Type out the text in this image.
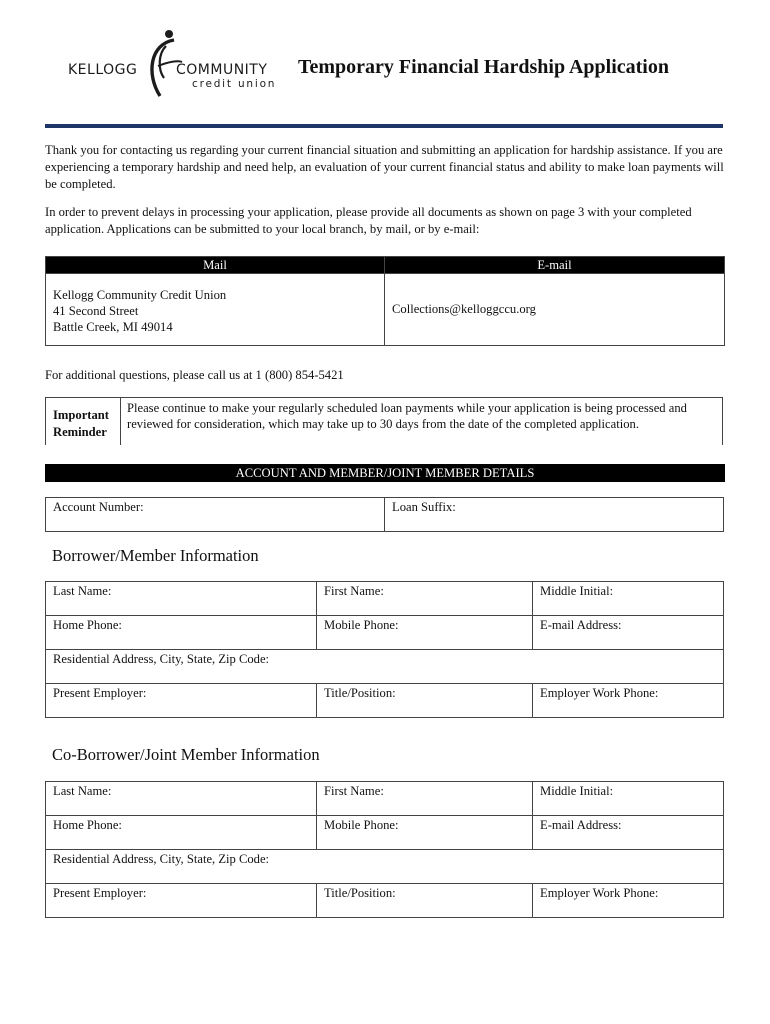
KELLOGG	COMMUNITY
credit union
Temporary Financial Hardship Application
Thank you for contacting us regarding your current financial situation and submitting an application for hardship assistance. If you are experiencing a temporary hardship and need help, an evaluation of your current financial status and ability to make loan payments will be completed.
In order to prevent delays in processing your application, please provide all documents as shown on page 3 with your completed application. Applications can be submitted to your local branch, by mail, or by e-mail:
Mail	E-mail

Kellogg Community Credit Union
41 Second Street
Battle Creek, MI 49014	Collections@kelloggccu.org
For additional questions, please call us at 1 (800) 854-5421
Important
Reminder
Please continue to make your regularly scheduled loan payments while your application is being processed and reviewed for consideration, which may take up to 30 days from the date of the completed application.
ACCOUNT AND MEMBER/JOINT MEMBER DETAILS
Account Number:	Loan Suffix:
Borrower/Member Information
Last Name:	First Name:	Middle Initial:
Home Phone:	Mobile Phone:	E-mail Address:
Residential Address, City, State, Zip Code:
Present Employer:	Title/Position:	Employer Work Phone:
Co-Borrower/Joint Member Information
Last Name:	First Name:	Middle Initial:
Home Phone:	Mobile Phone:	E-mail Address:
Residential Address, City, State, Zip Code:
Present Employer:	Title/Position:	Employer Work Phone:
